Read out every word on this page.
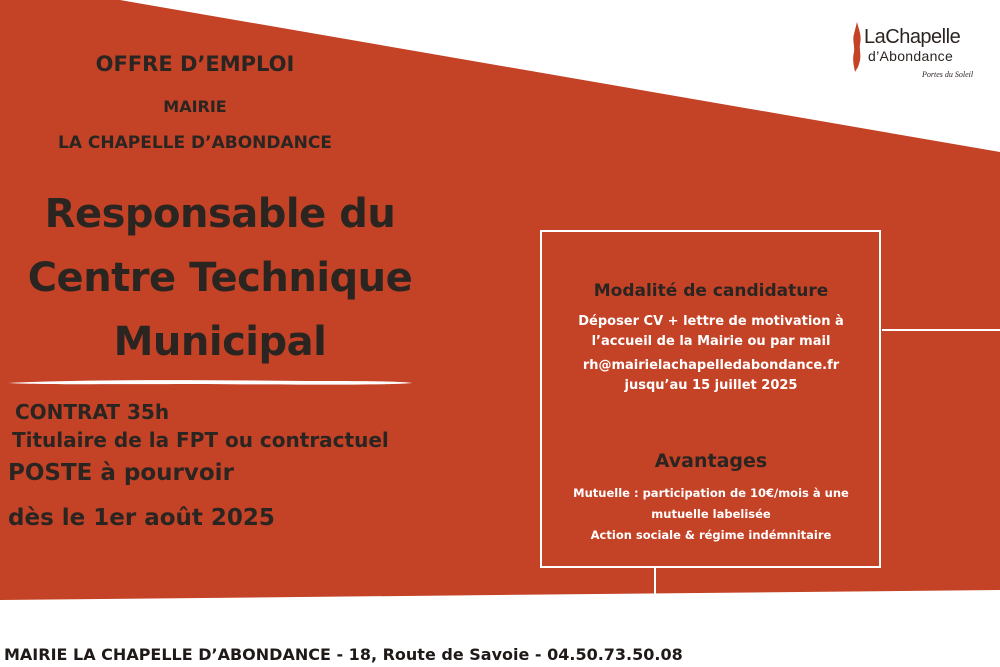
OFFRE D’EMPLOI
MAIRIE
LA CHAPELLE D’ABONDANCE
Responsable du
Centre Technique
Municipal
CONTRAT 35h
Titulaire de la FPT ou contractuel
POSTE à pourvoir
dès le 1er août 2025
Modalité de candidature
Déposer CV + lettre de motivation à
l’accueil de la Mairie ou par mail
rh@mairielachapelledabondance.fr
jusqu’au 15 juillet 2025
Avantages
Mutuelle : participation de 10€/mois à une
mutuelle labelisée
Action sociale & régime indémnitaire
LaChapelle
d’Abondance
Portes du Soleil
MAIRIE LA CHAPELLE D’ABONDANCE - 18, Route de Savoie - 04.50.73.50.08
